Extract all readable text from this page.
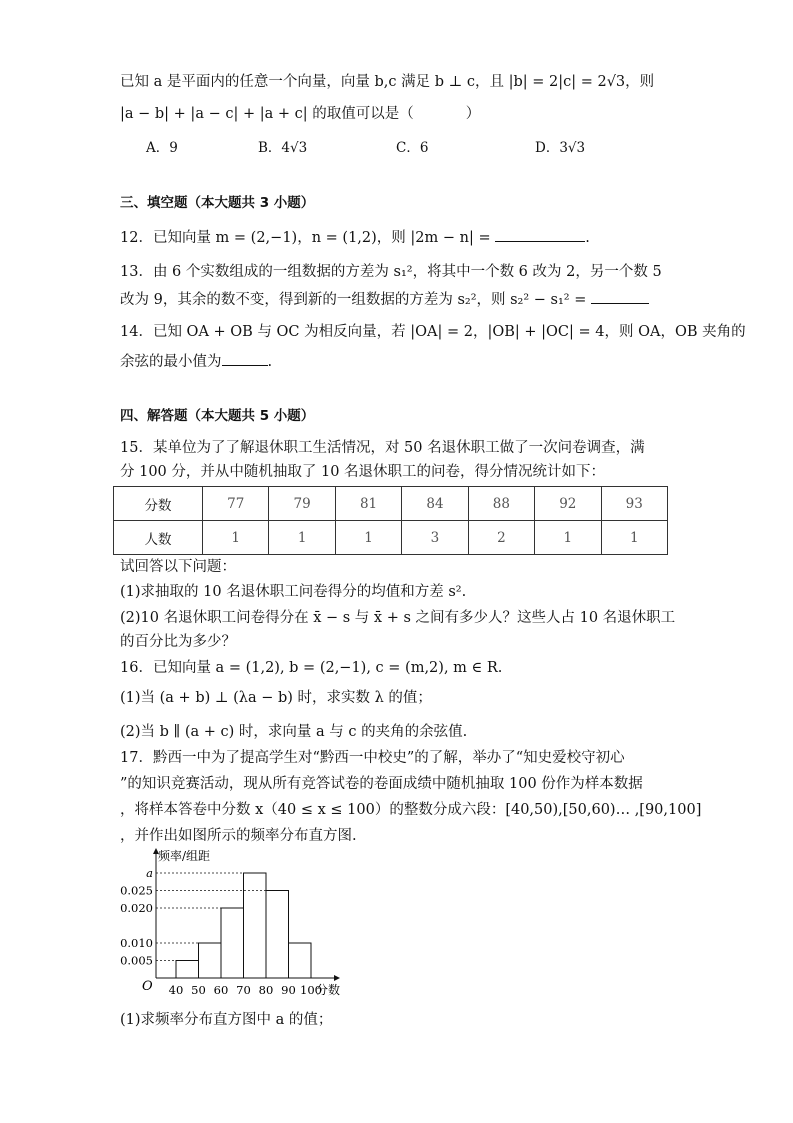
已知 a 是平面内的任意一个向量，向量 b,c 满足 b ⊥ c，且 |b| = 2|c| = 2√3，则
|a − b| + |a − c| + |a + c| 的取值可以是（	）
A．9	B．4√3	C．6	D．3√3
三、填空题（本大题共 3 小题）
12．已知向量 m = (2,−1)，n = (1,2)，则 |2m − n| =	.
13．由 6 个实数组成的一组数据的方差为 s₁²，将其中一个数 6 改为 2，另一个数 5
改为 9，其余的数不变，得到新的一组数据的方差为 s₂²，则 s₂² − s₁² =
14．已知 OA + OB 与 OC 为相反向量，若 |OA| = 2，|OB| + |OC| = 4，则 OA，OB 夹角的
余弦的最小值为	.
四、解答题（本大题共 5 小题）
15．某单位为了了解退休职工生活情况，对 50 名退休职工做了一次问卷调查，满
分 100 分，并从中随机抽取了 10 名退休职工的问卷，得分情况统计如下：
分数	77	79	81	84	88	92	93
人数	1	1	1	3	2	1	1
试回答以下问题：
(1)求抽取的 10 名退休职工问卷得分的均值和方差 s².
(2)10 名退休职工问卷得分在 x̄ − s 与 x̄ + s 之间有多少人？这些人占 10 名退休职工
的百分比为多少？
16．已知向量 a = (1,2), b = (2,−1), c = (m,2), m ∈ R.
(1)当 (a + b) ⊥ (λa − b) 时，求实数 λ 的值；
(2)当 b ∥ (a + c) 时，求向量 a 与 c 的夹角的余弦值.
17．黔西一中为了提高学生对“黔西一中校史”的了解，举办了“知史爱校守初心
”的知识竞赛活动，现从所有竞答试卷的卷面成绩中随机抽取 100 份作为样本数据
，将样本答卷中分数 x（40 ≤ x ≤ 100）的整数分成六段：[40,50),[50,60)… ,[90,100]
，并作出如图所示的频率分布直方图.
频率/组距
分数
O
0.005
0.010
0.020
0.025
a
40 50 60 70 80 90 100
(1)求频率分布直方图中 a 的值；
